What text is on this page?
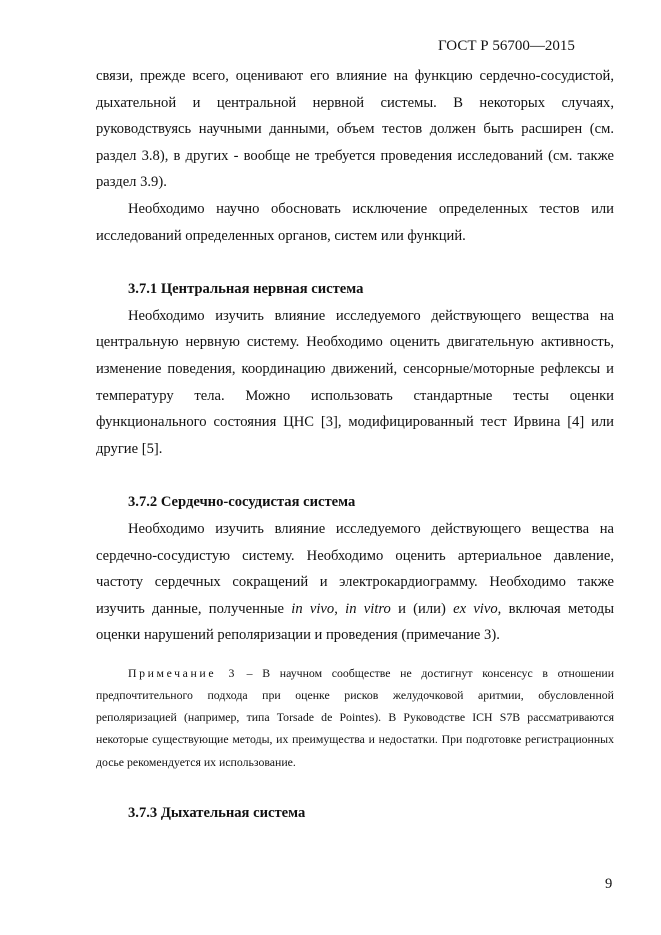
ГОСТ Р 56700—2015

связи, прежде всего, оценивают его влияние на функцию сердечно-сосудистой, дыхательной и центральной нервной системы. В некоторых случаях, руководствуясь научными данными, объем тестов должен быть расширен (см. раздел 3.8), в других - вообще не требуется проведения исследований (см. также раздел 3.9).

Необходимо научно обосновать исключение определенных тестов или исследований определенных органов, систем или функций.

3.7.1 Центральная нервная система

Необходимо изучить влияние исследуемого действующего вещества на центральную нервную систему. Необходимо оценить двигательную активность, изменение поведения, координацию движений, сенсорные/моторные рефлексы и температуру тела. Можно использовать стандартные тесты оценки функционального состояния ЦНС [3], модифицированный тест Ирвина [4] или другие [5].

3.7.2 Сердечно-сосудистая система

Необходимо изучить влияние исследуемого действующего вещества на сердечно-сосудистую систему. Необходимо оценить артериальное давление, частоту сердечных сокращений и электрокардиограмму. Необходимо также изучить данные, полученные in vivo, in vitro и (или) ex vivo, включая методы оценки нарушений реполяризации и проведения (примечание 3).

Примечание 3 – В научном сообществе не достигнут консенсус в отношении предпочтительного подхода при оценке рисков желудочковой аритмии, обусловленной реполяризацией (например, типа Torsade de Pointes). В Руководстве ICH S7B рассматриваются некоторые существующие методы, их преимущества и недостатки. При подготовке регистрационных досье рекомендуется их использование.

3.7.3 Дыхательная система

9
